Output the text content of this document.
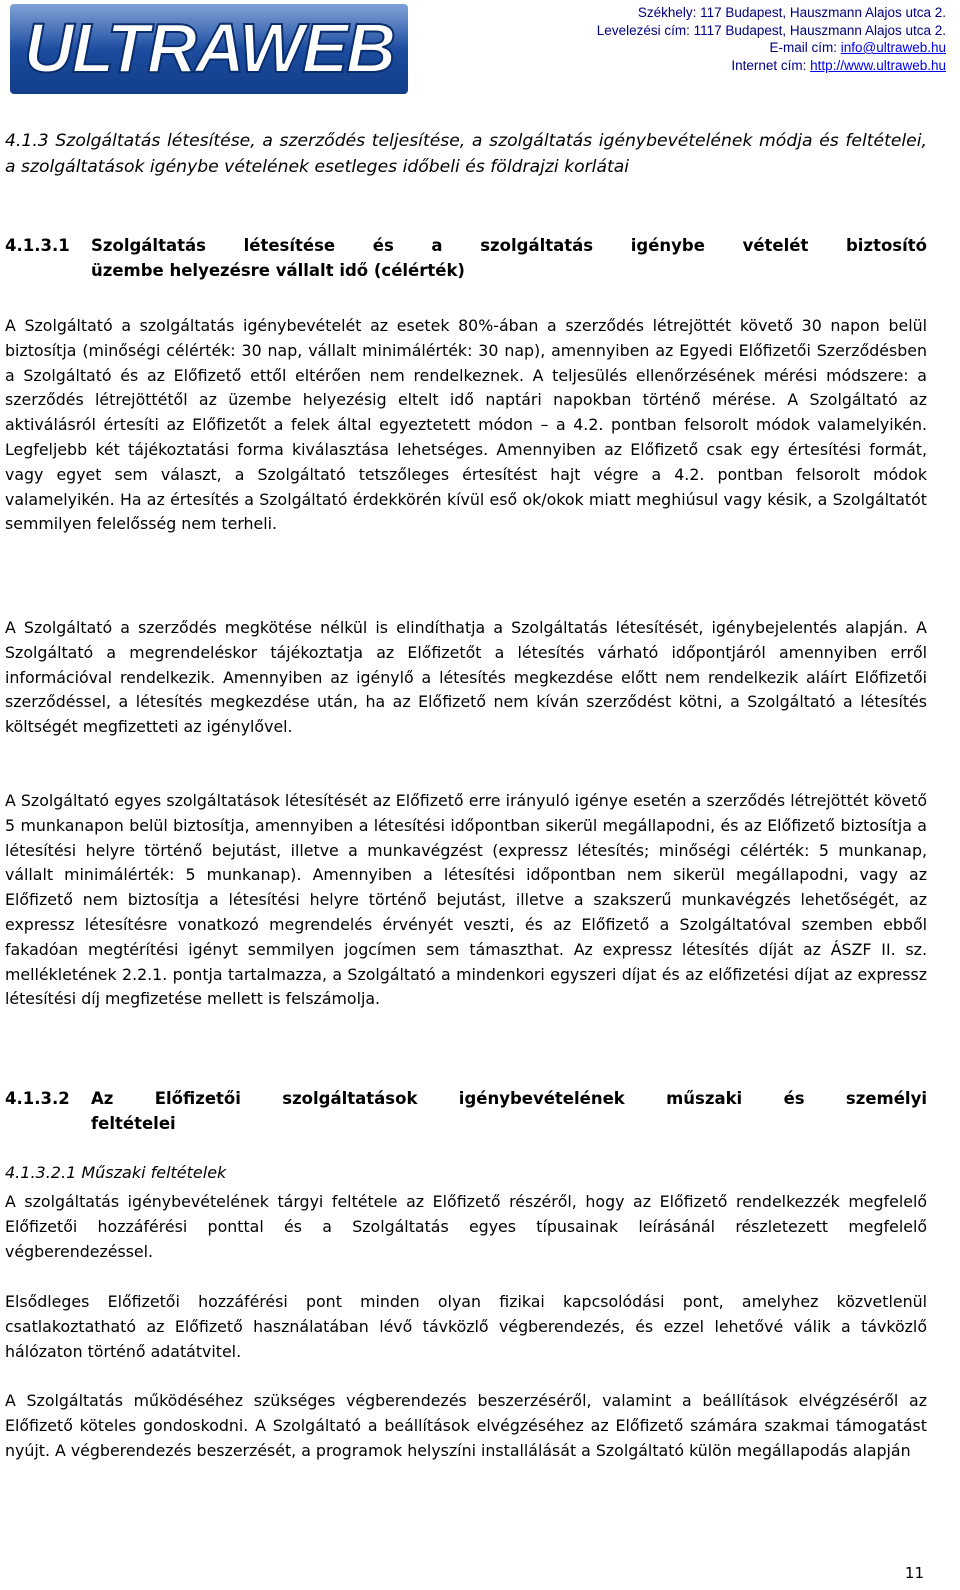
ULTRAWEB	Székhely: 117 Budapest, Hauszmann Alajos utca 2.
Levelezési cím: 1117 Budapest, Hauszmann Alajos utca 2.
E-mail cím: info@ultraweb.hu
Internet cím: http://www.ultraweb.hu
4.1.3 Szolgáltatás létesítése, a szerződés teljesítése, a szolgáltatás igénybevételének módja és feltételei, a szolgáltatások igénybe vételének esetleges időbeli és földrajzi korlátai
4.1.3.1 Szolgáltatás létesítése és a szolgáltatás igénybe vételét biztosító
üzembe helyezésre vállalt idő (célérték)
A Szolgáltató a szolgáltatás igénybevételét az esetek 80%-ában a szerződés létrejöttét követő 30 napon belül biztosítja (minőségi célérték: 30 nap, vállalt minimálérték: 30 nap), amennyiben az Egyedi Előfizetői Szerződésben a Szolgáltató és az Előfizető ettől eltérően nem rendelkeznek. A teljesülés ellenőrzésének mérési módszere: a szerződés létrejöttétől az üzembe helyezésig eltelt idő naptári napokban történő mérése. A Szolgáltató az aktiválásról értesíti az Előfizetőt a felek által egyeztetett módon – a 4.2. pontban felsorolt módok valamelyikén. Legfeljebb két tájékoztatási forma kiválasztása lehetséges. Amennyiben az Előfizető csak egy értesítési formát, vagy egyet sem választ, a Szolgáltató tetszőleges értesítést hajt végre a 4.2. pontban felsorolt módok valamelyikén. Ha az értesítés a Szolgáltató érdekkörén kívül eső ok/okok miatt meghiúsul vagy késik, a Szolgáltatót semmilyen felelősség nem terheli.
A Szolgáltató a szerződés megkötése nélkül is elindíthatja a Szolgáltatás létesítését, igénybejelentés alapján. A Szolgáltató a megrendeléskor tájékoztatja az Előfizetőt a létesítés várható időpontjáról amennyiben erről információval rendelkezik. Amennyiben az igénylő a létesítés megkezdése előtt nem rendelkezik aláírt Előfizetői szerződéssel, a létesítés megkezdése után, ha az Előfizető nem kíván szerződést kötni, a Szolgáltató a létesítés költségét megfizetteti az igénylővel.
A Szolgáltató egyes szolgáltatások létesítését az Előfizető erre irányuló igénye esetén a szerződés létrejöttét követő 5 munkanapon belül biztosítja, amennyiben a létesítési időpontban sikerül megállapodni, és az Előfizető biztosítja a létesítési helyre történő bejutást, illetve a munkavégzést (expressz létesítés; minőségi célérték: 5 munkanap, vállalt minimálérték: 5 munkanap). Amennyiben a létesítési időpontban nem sikerül megállapodni, vagy az Előfizető nem biztosítja a létesítési helyre történő bejutást, illetve a szakszerű munkavégzés lehetőségét, az expressz létesítésre vonatkozó megrendelés érvényét veszti, és az Előfizető a Szolgáltatóval szemben ebből fakadóan megtérítési igényt semmilyen jogcímen sem támaszthat. Az expressz létesítés díját az ÁSZF II. sz. mellékletének 2.2.1. pontja tartalmazza, a Szolgáltató a mindenkori egyszeri díjat és az előfizetési díjat az expressz létesítési díj megfizetése mellett is felszámolja.
4.1.3.2 Az Előfizetői szolgáltatások igénybevételének műszaki és személyi
feltételei
4.1.3.2.1 Műszaki feltételek
A szolgáltatás igénybevételének tárgyi feltétele az Előfizető részéről, hogy az Előfizető rendelkezzék megfelelő Előfizetői hozzáférési ponttal és a Szolgáltatás egyes típusainak leírásánál részletezett megfelelő végberendezéssel.
Elsődleges Előfizetői hozzáférési pont minden olyan fizikai kapcsolódási pont, amelyhez közvetlenül csatlakoztatható az Előfizető használatában lévő távközlő végberendezés, és ezzel lehetővé válik a távközlő hálózaton történő adatátvitel.
A Szolgáltatás működéséhez szükséges végberendezés beszerzéséről, valamint a beállítások elvégzéséről az Előfizető köteles gondoskodni. A Szolgáltató a beállítások elvégzéséhez az Előfizető számára szakmai támogatást nyújt. A végberendezés beszerzését, a programok helyszíni installálását a Szolgáltató külön megállapodás alapján
11
